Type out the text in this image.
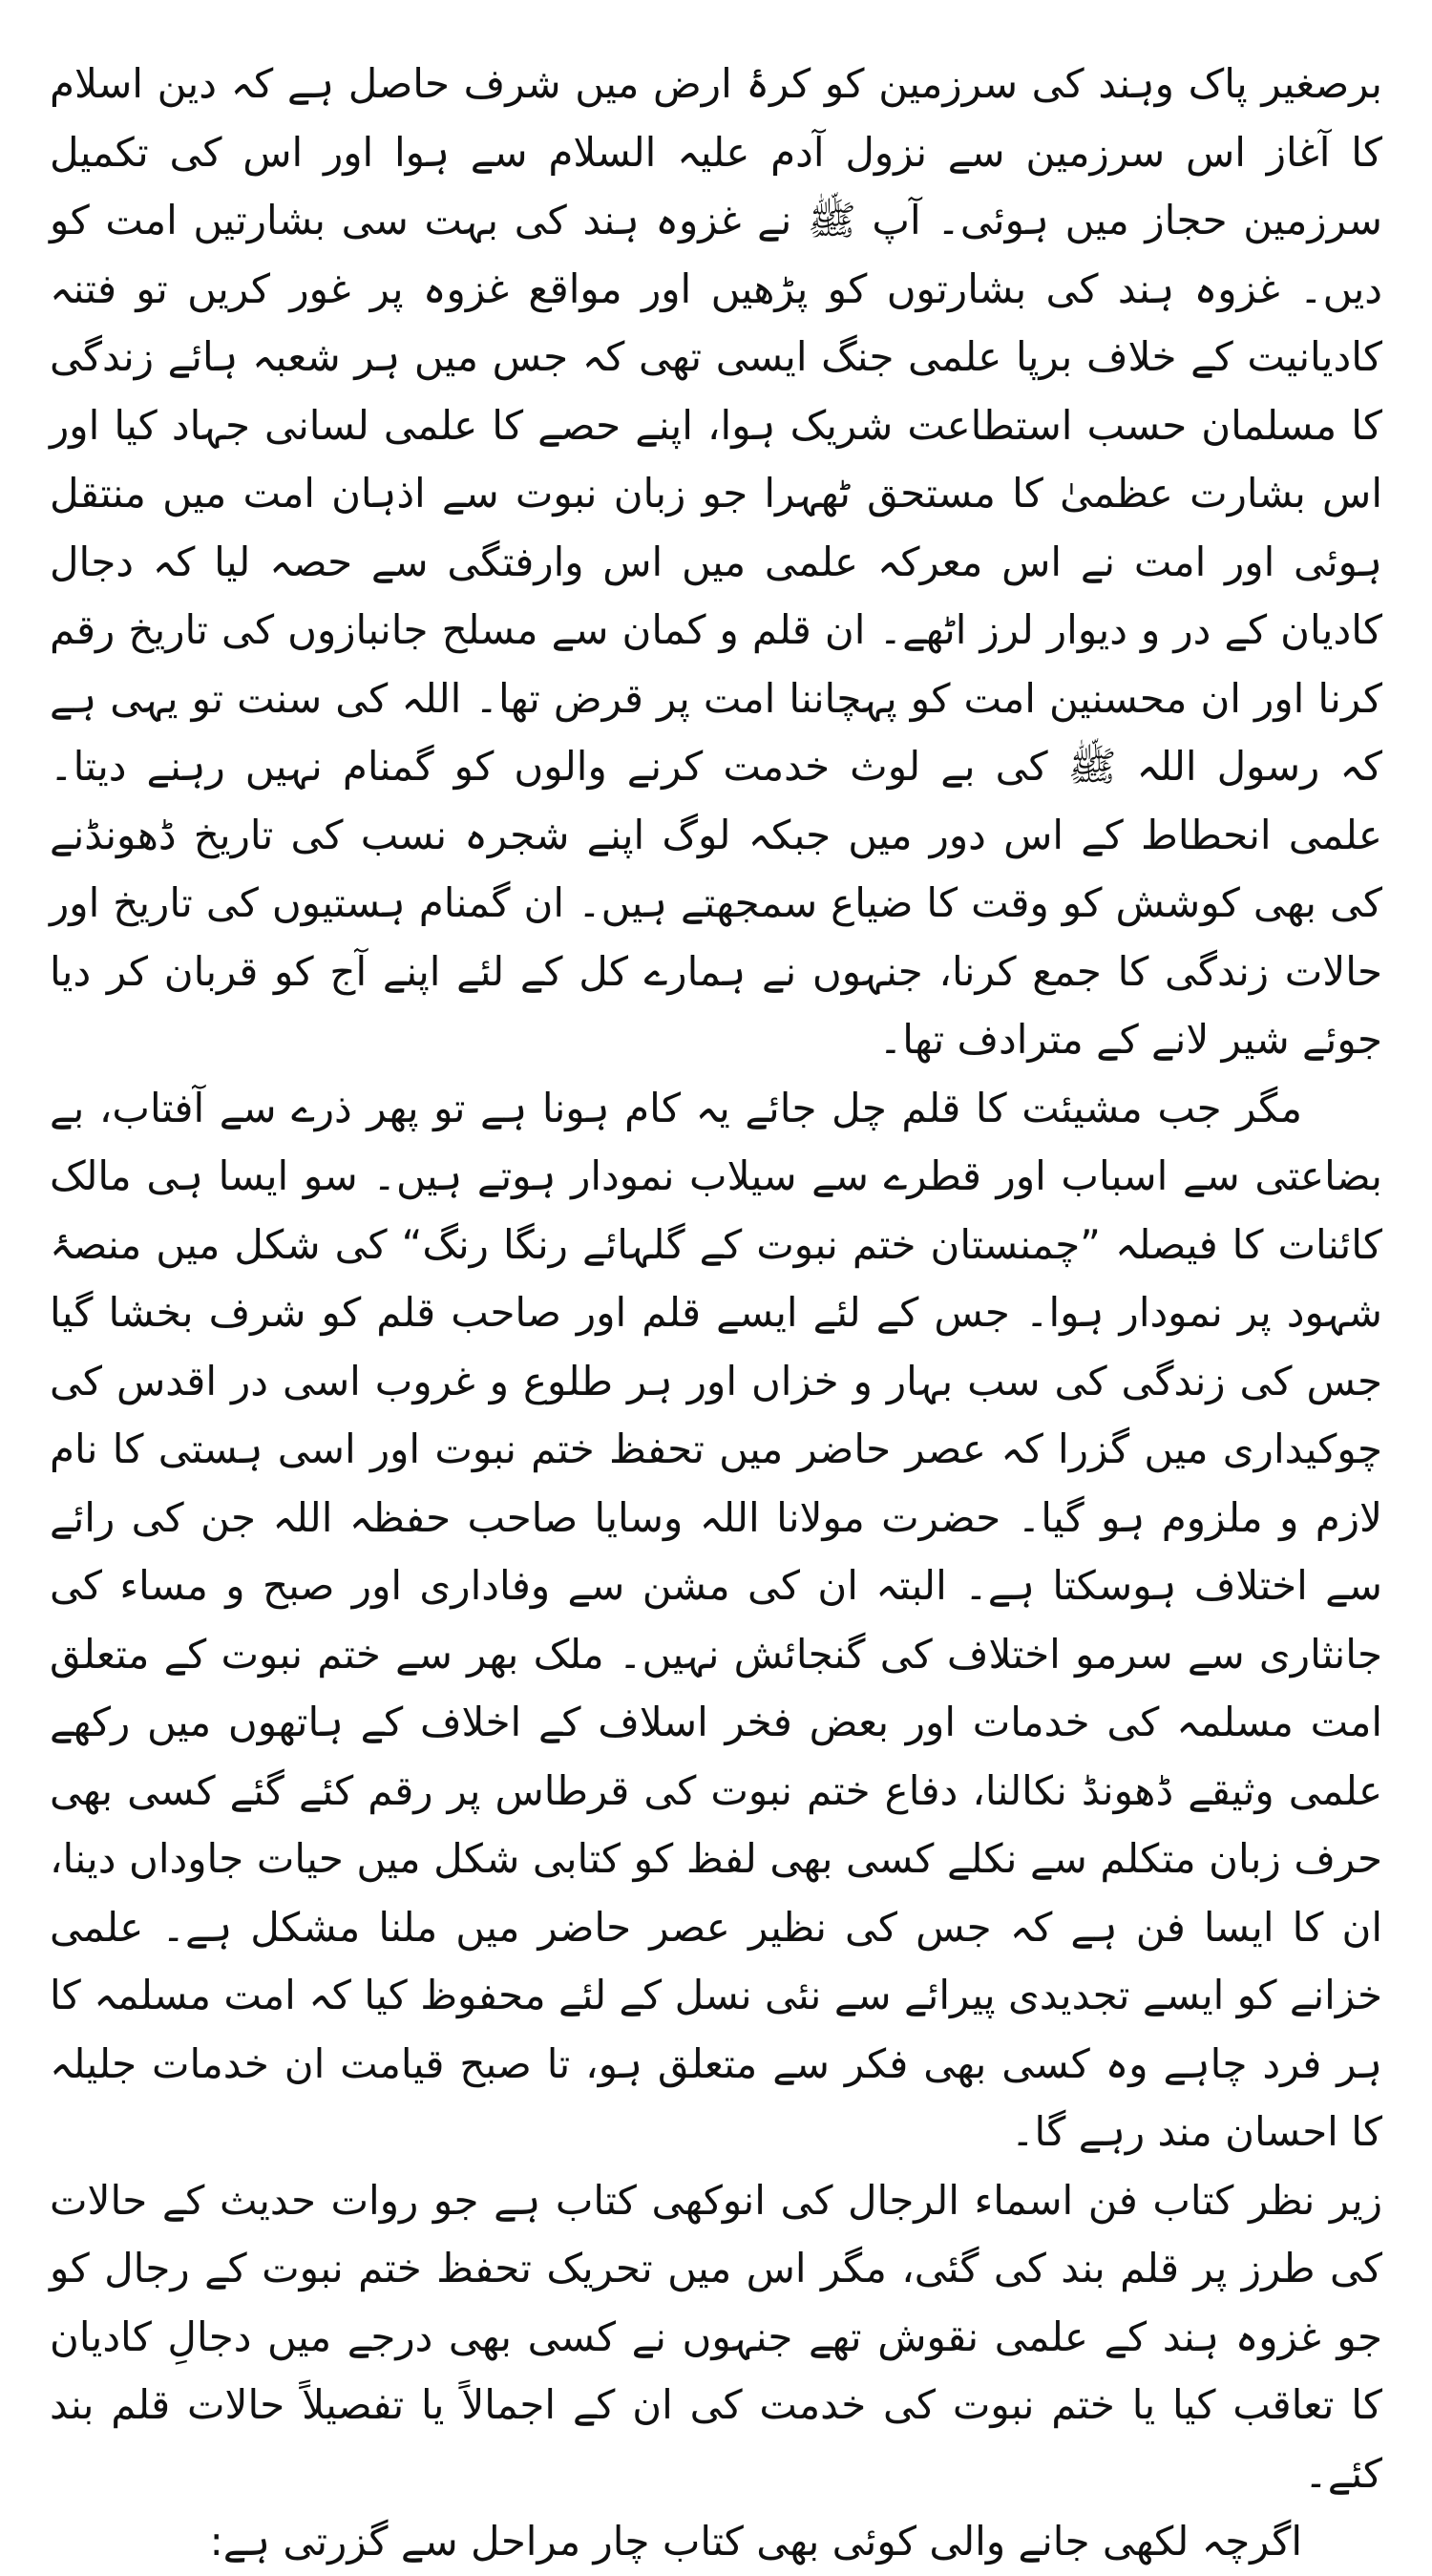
برصغیر پاک وہند کی سرزمین کو کرۂ ارض میں شرف حاصل ہے کہ دین اسلام کا آغاز اس سرزمین سے نزول آدم علیہ السلام سے ہوا اور اس کی تکمیل سرزمین حجاز میں ہوئی۔ آپ ﷺ نے غزوہ ہند کی بہت سی بشارتیں امت کو دیں۔ غزوہ ہند کی بشارتوں کو پڑھیں اور مواقع غزوہ پر غور کریں تو فتنہ کادیانیت کے خلاف برپا علمی جنگ ایسی تھی کہ جس میں ہر شعبہ ہائے زندگی کا مسلمان حسب استطاعت شریک ہوا، اپنے حصے کا علمی لسانی جہاد کیا اور اس بشارت عظمیٰ کا مستحق ٹھہرا جو زبان نبوت سے اذہان امت میں منتقل ہوئی اور امت نے اس معرکہ علمی میں اس وارفتگی سے حصہ لیا کہ دجال کادیان کے در و دیوار لرز اٹھے۔ ان قلم و کمان سے مسلح جانبازوں کی تاریخ رقم کرنا اور ان محسنین امت کو پہچاننا امت پر قرض تھا۔ اللہ کی سنت تو یہی ہے کہ رسول اللہ ﷺ کی بے لوث خدمت کرنے والوں کو گمنام نہیں رہنے دیتا۔ علمی انحطاط کے اس دور میں جبکہ لوگ اپنے شجرہ نسب کی تاریخ ڈھونڈنے کی بھی کوشش کو وقت کا ضیاع سمجھتے ہیں۔ ان گمنام ہستیوں کی تاریخ اور حالات زندگی کا جمع کرنا، جنہوں نے ہمارے کل کے لئے اپنے آج کو قربان کر دیا جوئے شیر لانے کے مترادف تھا۔

مگر جب مشیئت کا قلم چل جائے یہ کام ہونا ہے تو پھر ذرے سے آفتاب، بے بضاعتی سے اسباب اور قطرے سے سیلاب نمودار ہوتے ہیں۔ سو ایسا ہی مالک کائنات کا فیصلہ ”چمنستان ختم نبوت کے گلہائے رنگا رنگ“ کی شکل میں منصۂ شہود پر نمودار ہوا۔ جس کے لئے ایسے قلم اور صاحب قلم کو شرف بخشا گیا جس کی زندگی کی سب بہار و خزاں اور ہر طلوع و غروب اسی در اقدس کی چوکیداری میں گزرا کہ عصر حاضر میں تحفظ ختم نبوت اور اسی ہستی کا نام لازم و ملزوم ہو گیا۔ حضرت مولانا اللہ وسایا صاحب حفظہ اللہ جن کی رائے سے اختلاف ہوسکتا ہے۔ البتہ ان کی مشن سے وفاداری اور صبح و مساء کی جانثاری سے سرمو اختلاف کی گنجائش نہیں۔ ملک بھر سے ختم نبوت کے متعلق امت مسلمہ کی خدمات اور بعض فخر اسلاف کے اخلاف کے ہاتھوں میں رکھے علمی وثیقے ڈھونڈ نکالنا، دفاع ختم نبوت کی قرطاس پر رقم کئے گئے کسی بھی حرف زبان متکلم سے نکلے کسی بھی لفظ کو کتابی شکل میں حیات جاوداں دینا، ان کا ایسا فن ہے کہ جس کی نظیر عصر حاضر میں ملنا مشکل ہے۔ علمی خزانے کو ایسے تجدیدی پیرائے سے نئی نسل کے لئے محفوظ کیا کہ امت مسلمہ کا ہر فرد چاہے وہ کسی بھی فکر سے متعلق ہو، تا صبح قیامت ان خدمات جلیلہ کا احسان مند رہے گا۔

زیر نظر کتاب فن اسماء الرجال کی انوکھی کتاب ہے جو روات حدیث کے حالات کی طرز پر قلم بند کی گئی، مگر اس میں تحریک تحفظ ختم نبوت کے رجال کو جو غزوہ ہند کے علمی نقوش تھے جنہوں نے کسی بھی درجے میں دجالِ کادیان کا تعاقب کیا یا ختم نبوت کی خدمت کی ان کے اجمالاً یا تفصیلاً حالات قلم بند کئے۔

اگرچہ لکھی جانے والی کوئی بھی کتاب چار مراحل سے گزرتی ہے:
